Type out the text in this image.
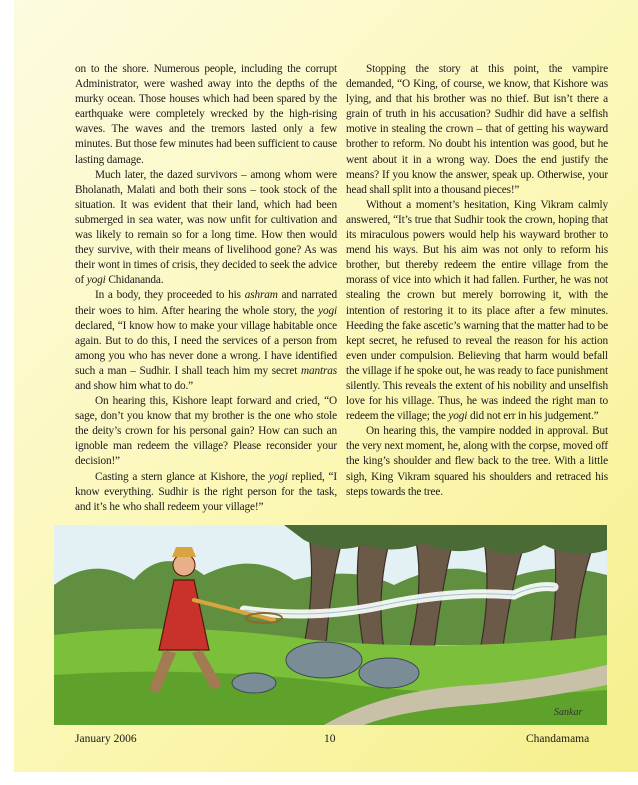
on to the shore. Numerous people, including the corrupt Administrator, were washed away into the depths of the murky ocean. Those houses which had been spared by the earthquake were completely wrecked by the high-rising waves. The waves and the tremors lasted only a few minutes. But those few minutes had been sufficient to cause lasting damage.

Much later, the dazed survivors – among whom were Bholanath, Malati and both their sons – took stock of the situation. It was evident that their land, which had been submerged in sea water, was now unfit for cultivation and was likely to remain so for a long time. How then would they survive, with their means of livelihood gone? As was their wont in times of crisis, they decided to seek the advice of yogi Chidananda.

In a body, they proceeded to his ashram and narrated their woes to him. After hearing the whole story, the yogi declared, “I know how to make your village habitable once again. But to do this, I need the services of a person from among you who has never done a wrong. I have identified such a man – Sudhir. I shall teach him my secret mantras and show him what to do.”

On hearing this, Kishore leapt forward and cried, “O sage, don’t you know that my brother is the one who stole the deity’s crown for his personal gain? How can such an ignoble man redeem the village? Please reconsider your decision!”

Casting a stern glance at Kishore, the yogi replied, “I know everything. Sudhir is the right person for the task, and it’s he who shall redeem your village!”

Stopping the story at this point, the vampire demanded, “O King, of course, we know, that Kishore was lying, and that his brother was no thief. But isn’t there a grain of truth in his accusation? Sudhir did have a selfish motive in stealing the crown – that of getting his wayward brother to reform. No doubt his intention was good, but he went about it in a wrong way. Does the end justify the means? If you know the answer, speak up. Otherwise, your head shall split into a thousand pieces!”

Without a moment’s hesitation, King Vikram calmly answered, “It’s true that Sudhir took the crown, hoping that its miraculous powers would help his wayward brother to mend his ways. But his aim was not only to reform his brother, but thereby redeem the entire village from the morass of vice into which it had fallen. Further, he was not stealing the crown but merely borrowing it, with the intention of restoring it to its place after a few minutes. Heeding the fake ascetic’s warning that the matter had to be kept secret, he refused to reveal the reason for his action even under compulsion. Believing that harm would befall the village if he spoke out, he was ready to face punishment silently. This reveals the extent of his nobility and unselfish love for his village. Thus, he was indeed the right man to redeem the village; the yogi did not err in his judgement.”

On hearing this, the vampire nodded in approval. But the very next moment, he, along with the corpse, moved off the king’s shoulder and flew back to the tree. With a little sigh, King Vikram squared his shoulders and retraced his steps towards the tree.

Sankar
January 2006	10	Chandamama
